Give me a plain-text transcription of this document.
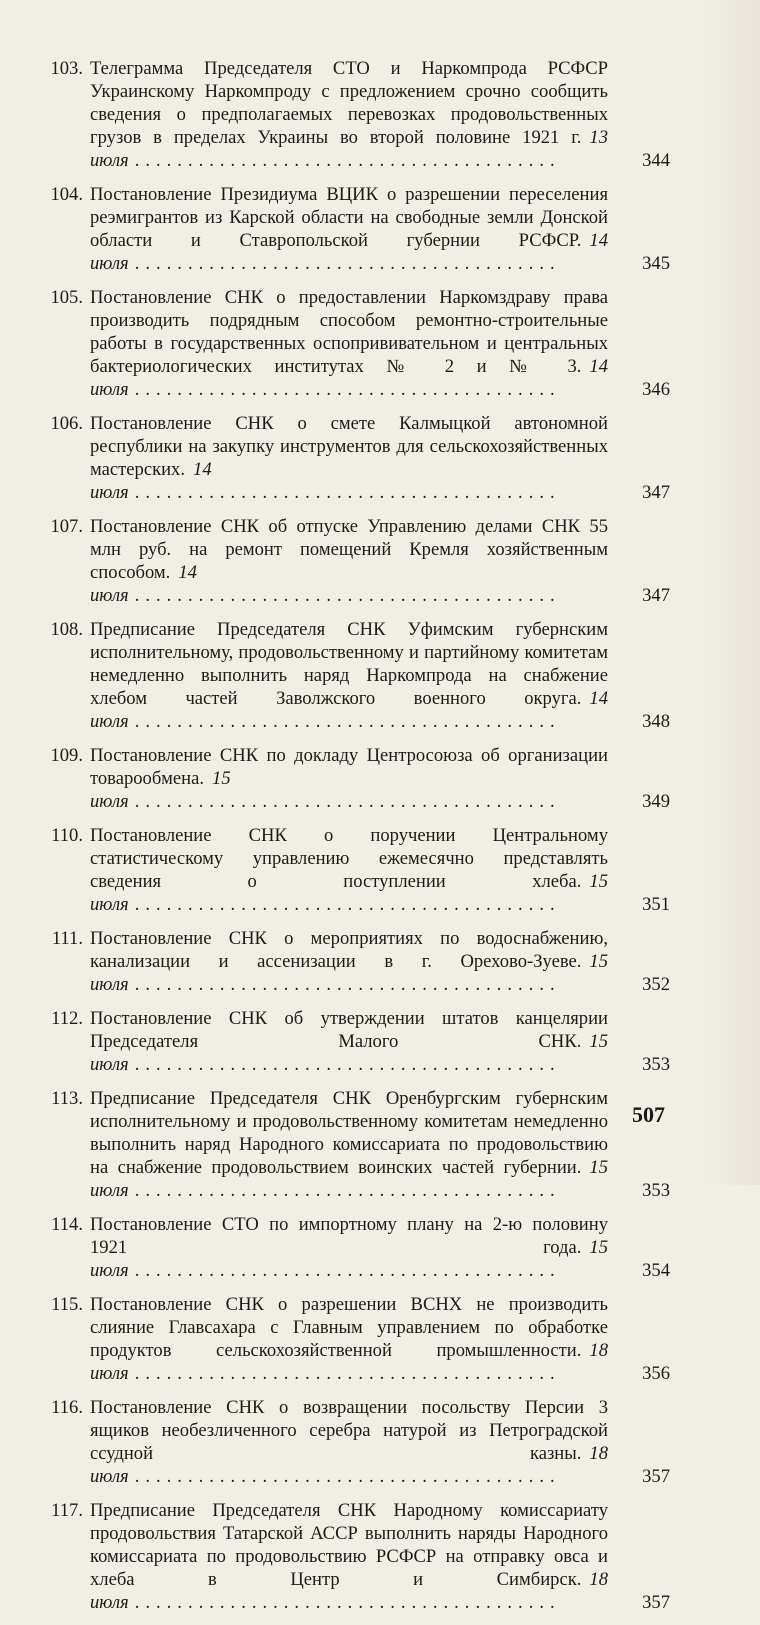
103. Телеграмма Председателя СТО и Наркомпрода РСФСР Украинскому Наркомпроду с предложением срочно сообщить сведения о предполагаемых перевозках продовольственных грузов в пределах Украины во второй половине 1921 г. 13 июля ........................................	344
104. Постановление Президиума ВЦИК о разрешении переселения реэмигрантов из Карской области на свободные земли Донской области и Ставропольской губернии РСФСР. 14 июля ........................................	345
105. Постановление СНК о предоставлении Наркомздраву права производить подрядным способом ремонтно-строительные работы в государственных оспопрививательном и центральных бактериологических институтах № 2 и № 3. 14 июля ........................................	346
106. Постановление СНК о смете Калмыцкой автономной республики на закупку инструментов для сельскохозяйственных мастерских. 14 июля ........................................	347
107. Постановление СНК об отпуске Управлению делами СНК 55 млн руб. на ремонт помещений Кремля хозяйственным способом. 14 июля ........................................	347
108. Предписание Председателя СНК Уфимским губернским исполнительному, продовольственному и партийному комитетам немедленно выполнить наряд Наркомпрода на снабжение хлебом частей Заволжского военного округа. 14 июля ........................................	348
109. Постановление СНК по докладу Центросоюза об организации товарообмена. 15 июля ........................................	349
110. Постановление СНК о поручении Центральному статистическому управлению ежемесячно представлять сведения о поступлении хлеба. 15 июля ........................................	351
111. Постановление СНК о мероприятиях по водоснабжению, канализации и ассенизации в г. Орехово-Зуеве. 15 июля ........................................	352
112. Постановление СНК об утверждении штатов канцелярии Председателя Малого СНК. 15 июля ........................................	353
113. Предписание Председателя СНК Оренбургским губернским исполнительному и продовольственному комитетам немедленно выполнить наряд Народного комиссариата по продовольствию на снабжение продовольствием воинских частей губернии. 15 июля ........................................	353
114. Постановление СТО по импортному плану на 2-ю половину 1921 года. 15 июля ........................................	354
115. Постановление СНК о разрешении ВСНХ не производить слияние Главсахара с Главным управлением по обработке продуктов сельскохозяйственной промышленности. 18 июля ........................................	356
116. Постановление СНК о возвращении посольству Персии 3 ящиков необезличенного серебра натурой из Петроградской ссудной казны. 18 июля ........................................	357
117. Предписание Председателя СНК Народному комиссариату продовольствия Татарской АССР выполнить наряды Народного комиссариата по продовольствию РСФСР на отправку овса и хлеба в Центр и Симбирск. 18 июля ........................................	357
507
